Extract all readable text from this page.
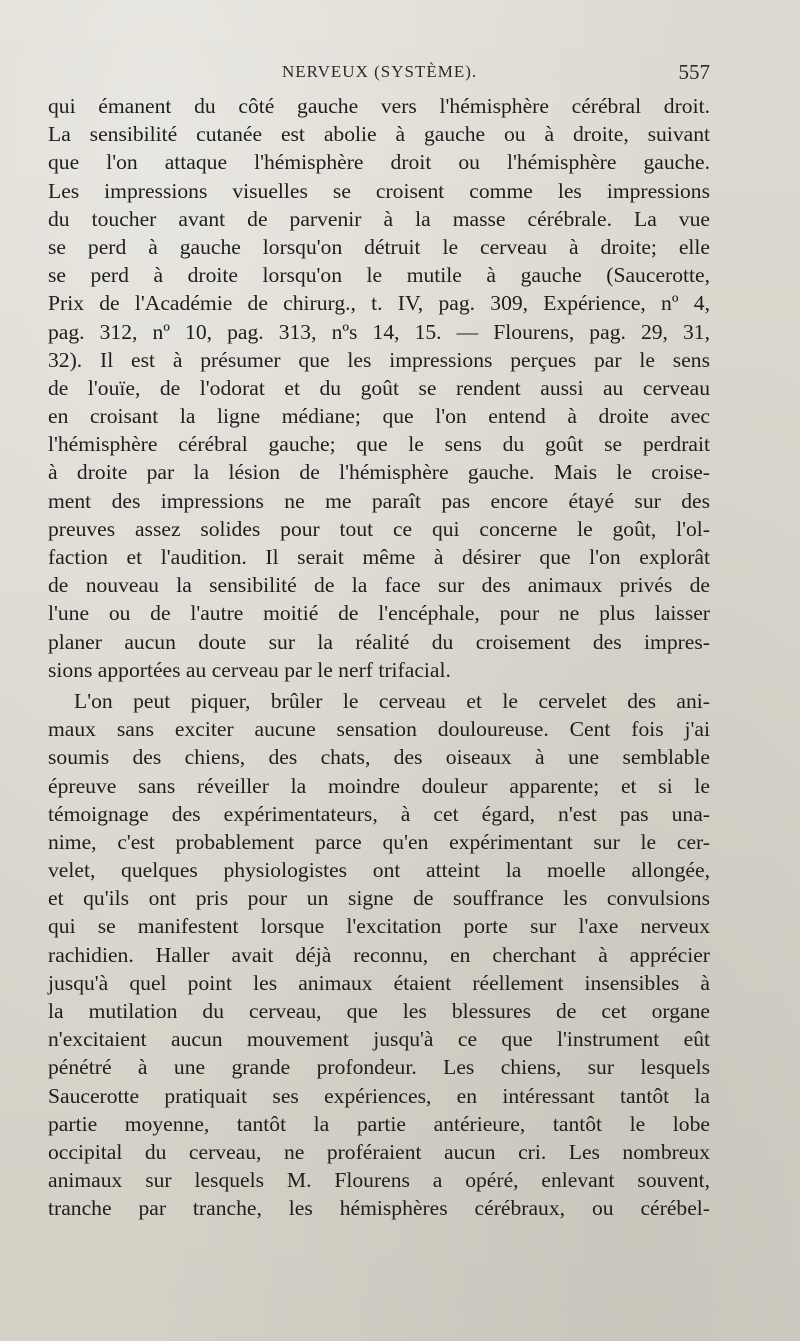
NERVEUX (SYSTÈME).	557
qui émanent du côté gauche vers l'hémisphère cérébral droit.
La sensibilité cutanée est abolie à gauche ou à droite, suivant
que l'on attaque l'hémisphère droit ou l'hémisphère gauche.
Les impressions visuelles se croisent comme les impressions
du toucher avant de parvenir à la masse cérébrale. La vue
se perd à gauche lorsqu'on détruit le cerveau à droite; elle
se perd à droite lorsqu'on le mutile à gauche (Saucerotte,
Prix de l'Académie de chirurg., t. IV, pag. 309, Expérience, nº 4,
pag. 312, nº 10, pag. 313, nºs 14, 15. — Flourens, pag. 29, 31,
32). Il est à présumer que les impressions perçues par le sens
de l'ouïe, de l'odorat et du goût se rendent aussi au cerveau
en croisant la ligne médiane; que l'on entend à droite avec
l'hémisphère cérébral gauche; que le sens du goût se perdrait
à droite par la lésion de l'hémisphère gauche. Mais le croise-
ment des impressions ne me paraît pas encore étayé sur des
preuves assez solides pour tout ce qui concerne le goût, l'ol-
faction et l'audition. Il serait même à désirer que l'on explorât
de nouveau la sensibilité de la face sur des animaux privés de
l'une ou de l'autre moitié de l'encéphale, pour ne plus laisser
planer aucun doute sur la réalité du croisement des impres-
sions apportées au cerveau par le nerf trifacial.
L'on peut piquer, brûler le cerveau et le cervelet des ani-
maux sans exciter aucune sensation douloureuse. Cent fois j'ai
soumis des chiens, des chats, des oiseaux à une semblable
épreuve sans réveiller la moindre douleur apparente; et si le
témoignage des expérimentateurs, à cet égard, n'est pas una-
nime, c'est probablement parce qu'en expérimentant sur le cer-
velet, quelques physiologistes ont atteint la moelle allongée,
et qu'ils ont pris pour un signe de souffrance les convulsions
qui se manifestent lorsque l'excitation porte sur l'axe nerveux
rachidien. Haller avait déjà reconnu, en cherchant à apprécier
jusqu'à quel point les animaux étaient réellement insensibles à
la mutilation du cerveau, que les blessures de cet organe
n'excitaient aucun mouvement jusqu'à ce que l'instrument eût
pénétré à une grande profondeur. Les chiens, sur lesquels
Saucerotte pratiquait ses expériences, en intéressant tantôt la
partie moyenne, tantôt la partie antérieure, tantôt le lobe
occipital du cerveau, ne proféraient aucun cri. Les nombreux
animaux sur lesquels M. Flourens a opéré, enlevant souvent,
tranche par tranche, les hémisphères cérébraux, ou cérébel-
